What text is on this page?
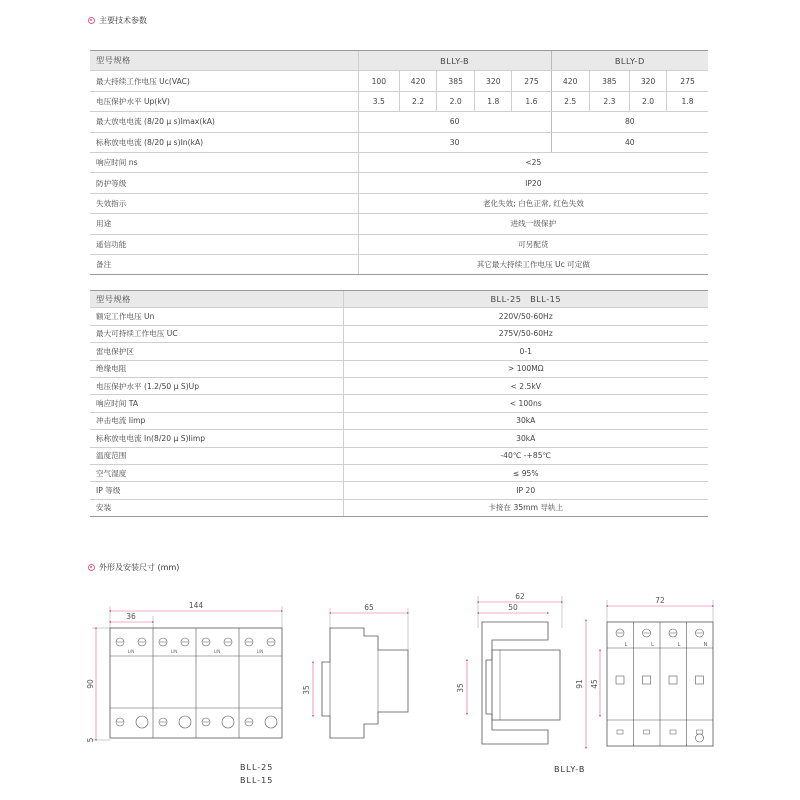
主要技术参数
型号规格	BLLY-B					BLLY-D			
最大持续工作电压 Uc(VAC)	100	420	385	320	275	420	385	320	275
电压保护水平 Up(kV)	3.5	2.2	2.0	1.8	1.6	2.5	2.3	2.0	1.8
最大放电电流 (8/20 μ s)Imax(kA)	60					80			
标称放电电流 (8/20 μ s)In(kA)	30					40			
响应时间 ns	<25								
防护等级	IP20								
失效指示	老化失效; 白色正常, 红色失效								
用途	进线一级保护								
遥信功能	可另配货								
备注	其它最大持续工作电压 Uc 可定做								
型号规格	BLL-25　BLL-15
额定工作电压 Un	220V/50-60Hz
最大可持续工作电压 UC	275V/50-60Hz
雷电保护区	0-1
绝缘电阻	> 100MΩ
电压保护水平 (1.2/50 μ S)Up	< 2.5kV
响应时间 TA	< 100ns
冲击电流 Iimp	30kA
标称放电电流 In(8/20 μ S)Iimp	30kA
温度范围	-40℃ -+85℃
空气湿度	≤ 95%
IP 等级	IP 20
安装	卡接在 35mm 导轨上
外形及安装尺寸 (mm)
144
36
90
5
L/N	L/N	L/N	L/N
65
35
62
50
35
72
91 45
L	L	L	N
BLL-25
BLL-15
BLLY-B
